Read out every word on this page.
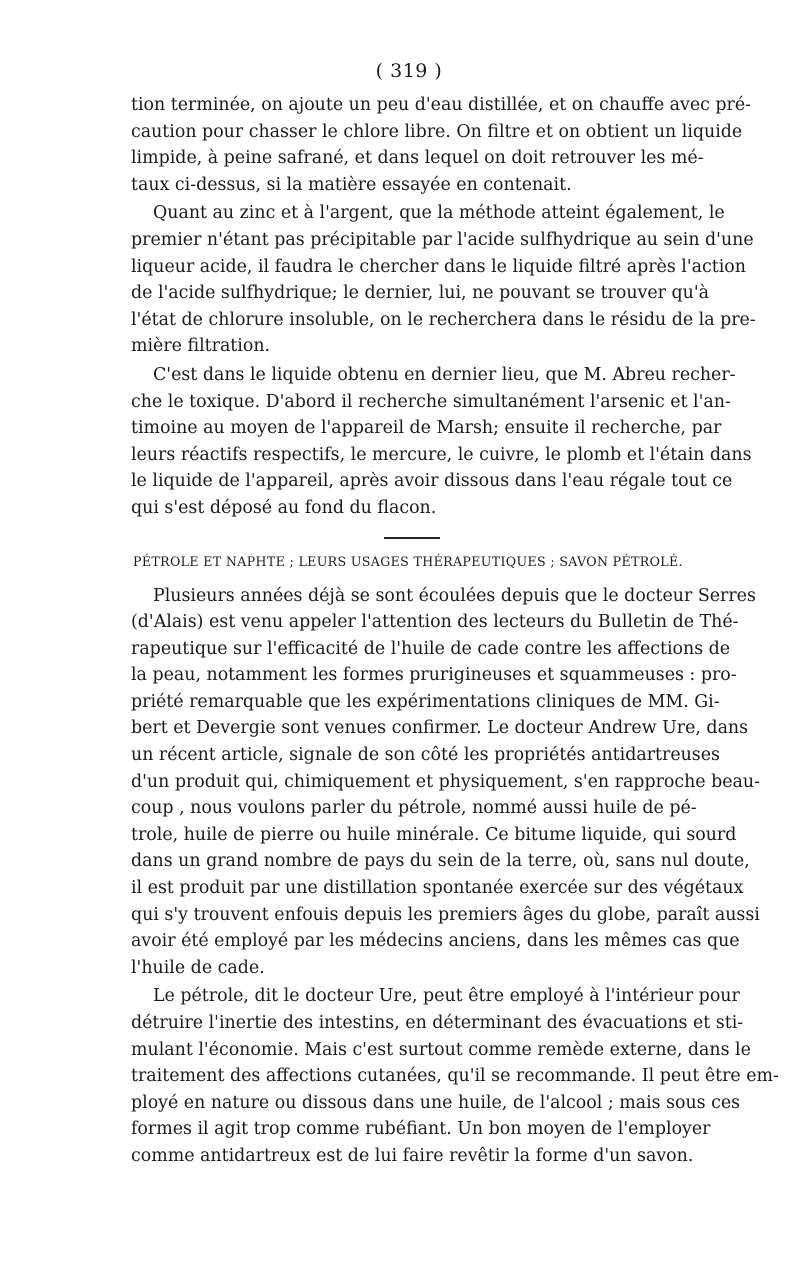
( 319 )
tion terminée, on ajoute un peu d'eau distillée, et on chauffe avec pré-
caution pour chasser le chlore libre. On filtre et on obtient un liquide
limpide, à peine safrané, et dans lequel on doit retrouver les mé-
taux ci-dessus, si la matière essayée en contenait.
Quant au zinc et à l'argent, que la méthode atteint également, le
premier n'étant pas précipitable par l'acide sulfhydrique au sein d'une
liqueur acide, il faudra le chercher dans le liquide filtré après l'action
de l'acide sulfhydrique; le dernier, lui, ne pouvant se trouver qu'à
l'état de chlorure insoluble, on le recherchera dans le résidu de la pre-
mière filtration.
C'est dans le liquide obtenu en dernier lieu, que M. Abreu recher-
che le toxique. D'abord il recherche simultanément l'arsenic et l'an-
timoine au moyen de l'appareil de Marsh; ensuite il recherche, par
leurs réactifs respectifs, le mercure, le cuivre, le plomb et l'étain dans
le liquide de l'appareil, après avoir dissous dans l'eau régale tout ce
qui s'est déposé au fond du flacon.
PÉTROLE ET NAPHTE ; LEURS USAGES THÉRAPEUTIQUES ; SAVON PÉTROLÉ.
Plusieurs années déjà se sont écoulées depuis que le docteur Serres
(d'Alais) est venu appeler l'attention des lecteurs du Bulletin de Thé-
rapeutique sur l'efficacité de l'huile de cade contre les affections de
la peau, notamment les formes prurigineuses et squammeuses : pro-
priété remarquable que les expérimentations cliniques de MM. Gi-
bert et Devergie sont venues confirmer. Le docteur Andrew Ure, dans
un récent article, signale de son côté les propriétés antidartreuses
d'un produit qui, chimiquement et physiquement, s'en rapproche beau-
coup , nous voulons parler du pétrole, nommé aussi huile de pé-
trole, huile de pierre ou huile minérale. Ce bitume liquide, qui sourd
dans un grand nombre de pays du sein de la terre, où, sans nul doute,
il est produit par une distillation spontanée exercée sur des végétaux
qui s'y trouvent enfouis depuis les premiers âges du globe, paraît aussi
avoir été employé par les médecins anciens, dans les mêmes cas que
l'huile de cade.
Le pétrole, dit le docteur Ure, peut être employé à l'intérieur pour
détruire l'inertie des intestins, en déterminant des évacuations et sti-
mulant l'économie. Mais c'est surtout comme remède externe, dans le
traitement des affections cutanées, qu'il se recommande. Il peut être em-
ployé en nature ou dissous dans une huile, de l'alcool ; mais sous ces
formes il agit trop comme rubéfiant. Un bon moyen de l'employer
comme antidartreux est de lui faire revêtir la forme d'un savon.
